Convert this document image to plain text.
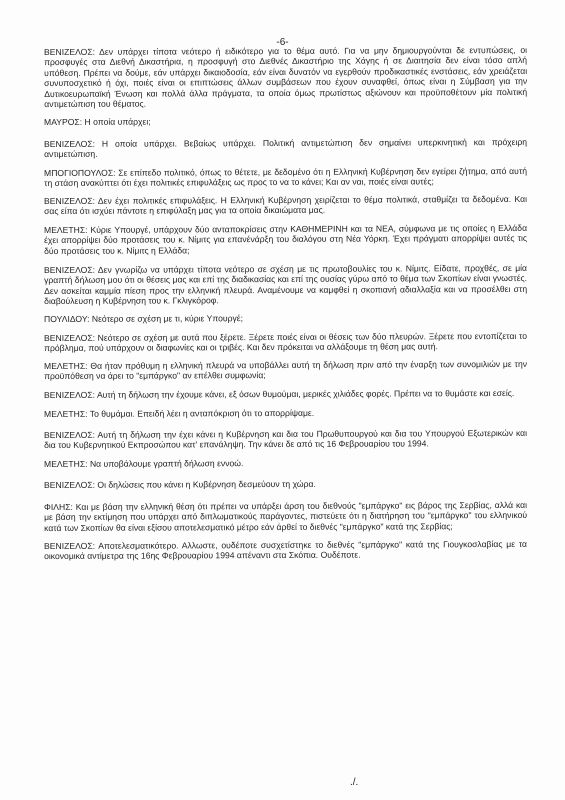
-6-

ΒΕΝΙΖΕΛΟΣ: Δεν υπάρχει τίποτα νεότερο ή ειδικότερο για το θέμα αυτό. Για να μην δημιουργούνται δε εντυπώσεις, οι προσφυγές στα Διεθνή Δικαστήρια, η προσφυγή στο Διεθνές Δικαστήριο της Χάγης ή σε Διαιτησία δεν είναι τόσο απλή υπόθεση. Πρέπει να δούμε, εάν υπάρχει δικαιοδοσία, εάν είναι δυνατόν να εγερθούν προδικαστικές ενστάσεις, εάν χρειάζεται συνυποσχετικό ή όχι, ποιές είναι οι επιπτώσεις άλλων συμβάσεων που έχουν συναφθεί, όπως είναι η Σύμβαση για την Δυτικοευρωπαϊκή Ένωση και πολλά άλλα πράγματα, τα οποία όμως πρωτίστως αξιώνουν και προϋποθέτουν μία πολιτική αντιμετώπιση του θέματος.

ΜΑΥΡΟΣ: Η οποία υπάρχει;

ΒΕΝΙΖΕΛΟΣ: Η οποία υπάρχει. Βεβαίως υπάρχει. Πολιτική αντιμετώπιση δεν σημαίνει υπερκινητική και πρόχειρη αντιμετώπιση.

ΜΠΟΓΙΟΠΟΥΛΟΣ: Σε επίπεδο πολιτικό, όπως το θέτετε, με δεδομένο ότι η Ελληνική Κυβέρνηση δεν εγείρει ζήτημα, από αυτή τη στάση ανακύπτει ότι έχει πολιτικές επιφυλάξεις ως προς το να το κάνει; Και αν ναι, ποιές είναι αυτές;

ΒΕΝΙΖΕΛΟΣ: Δεν έχει πολιτικές επιφυλάξεις. Η Ελληνική Κυβέρνηση χειρίζεται το θέμα πολιτικά, σταθμίζει τα δεδομένα. Και σας είπα ότι ισχύει πάντοτε η επιφύλαξη μας για τα οποία δικαιώματα μας.

ΜΕΛΕΤΗΣ: Κύριε Υπουργέ, υπάρχουν δύο ανταποκρίσεις στην ΚΑΘΗΜΕΡΙΝΗ και τα ΝΕΑ, σύμφωνα με τις οποίες η Ελλάδα έχει απορρίψει δύο προτάσεις του κ. Νίμιτς για επανένάρξη του διαλόγου στη Νέα Υόρκη. Έχει πράγματι απορρίψει αυτές τις δύο προτάσεις του κ. Νίμιτς η Ελλάδα;

ΒΕΝΙΖΕΛΟΣ: Δεν γνωρίζω να υπάρχει τίποτα νεότερο σε σχέση με τις πρωτοβουλίες του κ. Νίμιτς. Είδατε, προχθές, σε μία γραπτή δήλωση μου ότι οι θέσεις μας και επί της διαδικασίας και επί της ουσίας γύρω από το θέμα των Σκοπίων είναι γνωστές. Δεν ασκείται καμμία πίεση προς την ελληνική πλευρά. Αναμένουμε να καμφθεί η σκοπιανή αδιαλλαξία και να προσέλθει στη διαβούλευση η Κυβέρνηση του κ. Γκλιγκόροφ.

ΠΟΥΛΙΔΟΥ: Νεότερο σε σχέση με τι, κύριε Υπουργέ;

ΒΕΝΙΖΕΛΟΣ: Νεότερο σε σχέση με αυτά που ξέρετε. Ξέρετε ποιές είναι οι θέσεις των δύο πλευρών. Ξέρετε που εντοπίζεται το πρόβλημα, πού υπάρχουν οι διαφωνίες και οι τριβές. Και δεν πρόκειται να αλλάξουμε τη θέση μας αυτή.

ΜΕΛΕΤΗΣ: Θα ήταν πρόθυμη η ελληνική πλευρά να υποβάλλει αυτή τη δήλωση πριν από την έναρξη των συνομιλιών με την προϋπόθεση να άρει το "εμπάργκο" αν επέλθει συμφωνία;

ΒΕΝΙΖΕΛΟΣ: Αυτή τη δήλωση την έχουμε κάνει, εξ όσων θυμούμαι, μερικές χιλιάδες φορές. Πρέπει να το θυμάστε και εσείς.

ΜΕΛΕΤΗΣ: Το θυμάμαι. Επειδή λέει η ανταπόκριση ότι το απορρίψαμε.

ΒΕΝΙΖΕΛΟΣ: Αυτή τη δήλωση την έχει κάνει η Κυβέρνηση και δια του Πρωθυπουργού και δια του Υπουργού Εξωτερικών και δια του Κυβερνητικού Εκπροσώπου κατ' επανάληψη. Την κάνει δε από τις 16 Φεβρουαρίου του 1994.

ΜΕΛΕΤΗΣ: Να υποβάλουμε γραπτή δήλωση εννοώ.

ΒΕΝΙΖΕΛΟΣ: Οι δηλώσεις που κάνει η Κυβέρνηση δεσμεύουν τη χώρα.

ΦΙΛΗΣ: Και με βάση την ελληνική θέση ότι πρέπει να υπάρξει άρση του διεθνούς "εμπάργκο" εις βάρος της Σερβίας, αλλά και με βάση την εκτίμηση που υπάρχει από διπλωματικούς παράγοντες, πιστεύετε ότι η διατήρηση του "εμπάργκο" του ελληνικού κατά των Σκοπίων θα είναι εξίσου αποτελεσματικό μέτρο εάν άρθεί το διεθνές "εμπάργκο" κατά της Σερβίας;

ΒΕΝΙΖΕΛΟΣ: Αποτελεσματικότερο. Αλλωστε, ουδέποτε συσχετίστηκε το διεθνές "εμπάργκο" κατά της Γιουγκοσλαβίας με τα οικονομικά αντίμετρα της 16ης Φεβρουαρίου 1994 απέναντι στα Σκόπια. Ουδέποτε.

./.
